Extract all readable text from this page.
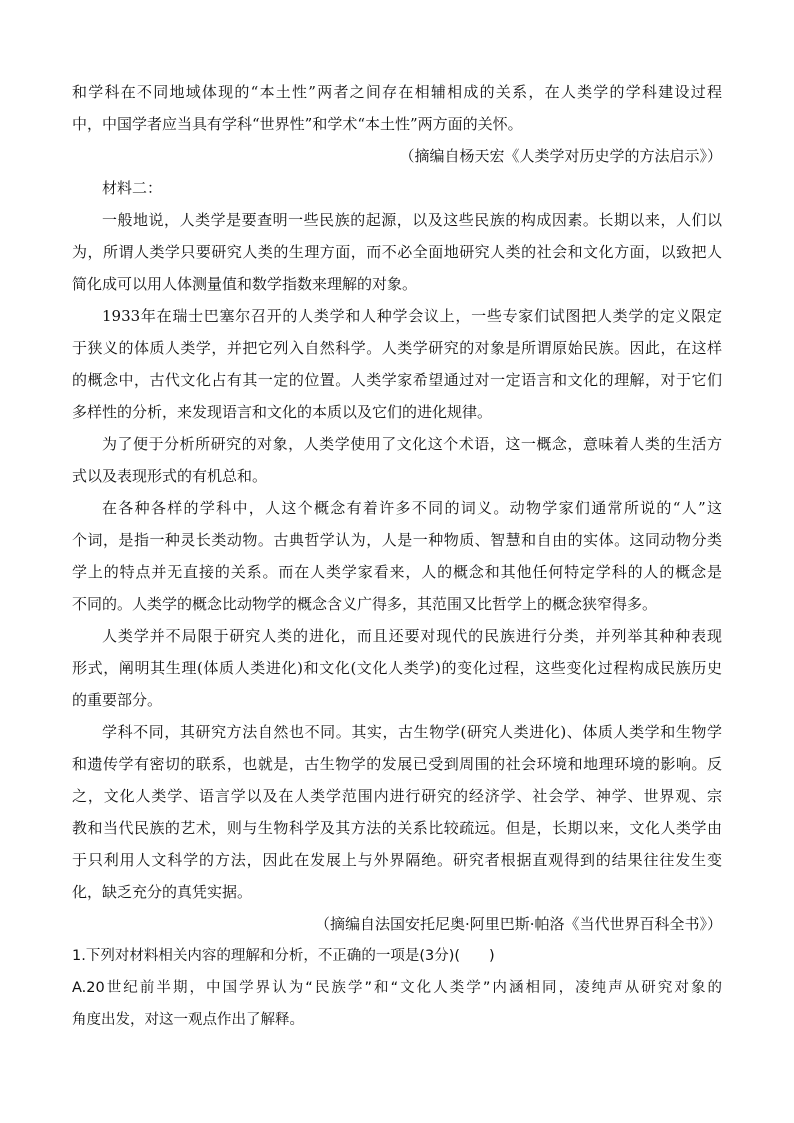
和学科在不同地域体现的“本土性”两者之间存在相辅相成的关系，在人类学的学科建设过程
中，中国学者应当具有学科“世界性”和学术“本土性”两方面的关怀。
（摘编自杨天宏《人类学对历史学的方法启示》）
材料二：
一般地说，人类学是要查明一些民族的起源，以及这些民族的构成因素。长期以来，人们以
为，所谓人类学只要研究人类的生理方面，而不必全面地研究人类的社会和文化方面，以致把人
简化成可以用人体测量值和数学指数来理解的对象。
1933年在瑞士巴塞尔召开的人类学和人种学会议上，一些专家们试图把人类学的定义限定
于狭义的体质人类学，并把它列入自然科学。人类学研究的对象是所谓原始民族。因此，在这样
的概念中，古代文化占有其一定的位置。人类学家希望通过对一定语言和文化的理解，对于它们
多样性的分析，来发现语言和文化的本质以及它们的进化规律。
为了便于分析所研究的对象，人类学使用了文化这个术语，这一概念，意味着人类的生活方
式以及表现形式的有机总和。
在各种各样的学科中，人这个概念有着许多不同的词义。动物学家们通常所说的“人”这
个词，是指一种灵长类动物。古典哲学认为，人是一种物质、智慧和自由的实体。这同动物分类
学上的特点并无直接的关系。而在人类学家看来，人的概念和其他任何特定学科的人的概念是
不同的。人类学的概念比动物学的概念含义广得多，其范围又比哲学上的概念狭窄得多。
人类学并不局限于研究人类的进化，而且还要对现代的民族进行分类，并列举其种种表现
形式，阐明其生理(体质人类进化)和文化(文化人类学)的变化过程，这些变化过程构成民族历史
的重要部分。
学科不同，其研究方法自然也不同。其实，古生物学(研究人类进化)、体质人类学和生物学
和遗传学有密切的联系，也就是，古生物学的发展已受到周围的社会环境和地理环境的影响。反
之，文化人类学、语言学以及在人类学范围内进行研究的经济学、社会学、神学、世界观、宗
教和当代民族的艺术，则与生物科学及其方法的关系比较疏远。但是，长期以来，文化人类学由
于只利用人文科学的方法，因此在发展上与外界隔绝。研究者根据直观得到的结果往往发生变
化，缺乏充分的真凭实据。
（摘编自法国安托尼奥·阿里巴斯·帕洛《当代世界百科全书》）
1.下列对材料相关内容的理解和分析，不正确的一项是(3分)(　　)
A.20世纪前半期，中国学界认为“民族学”和“文化人类学”内涵相同，凌纯声从研究对象的
角度出发，对这一观点作出了解释。
